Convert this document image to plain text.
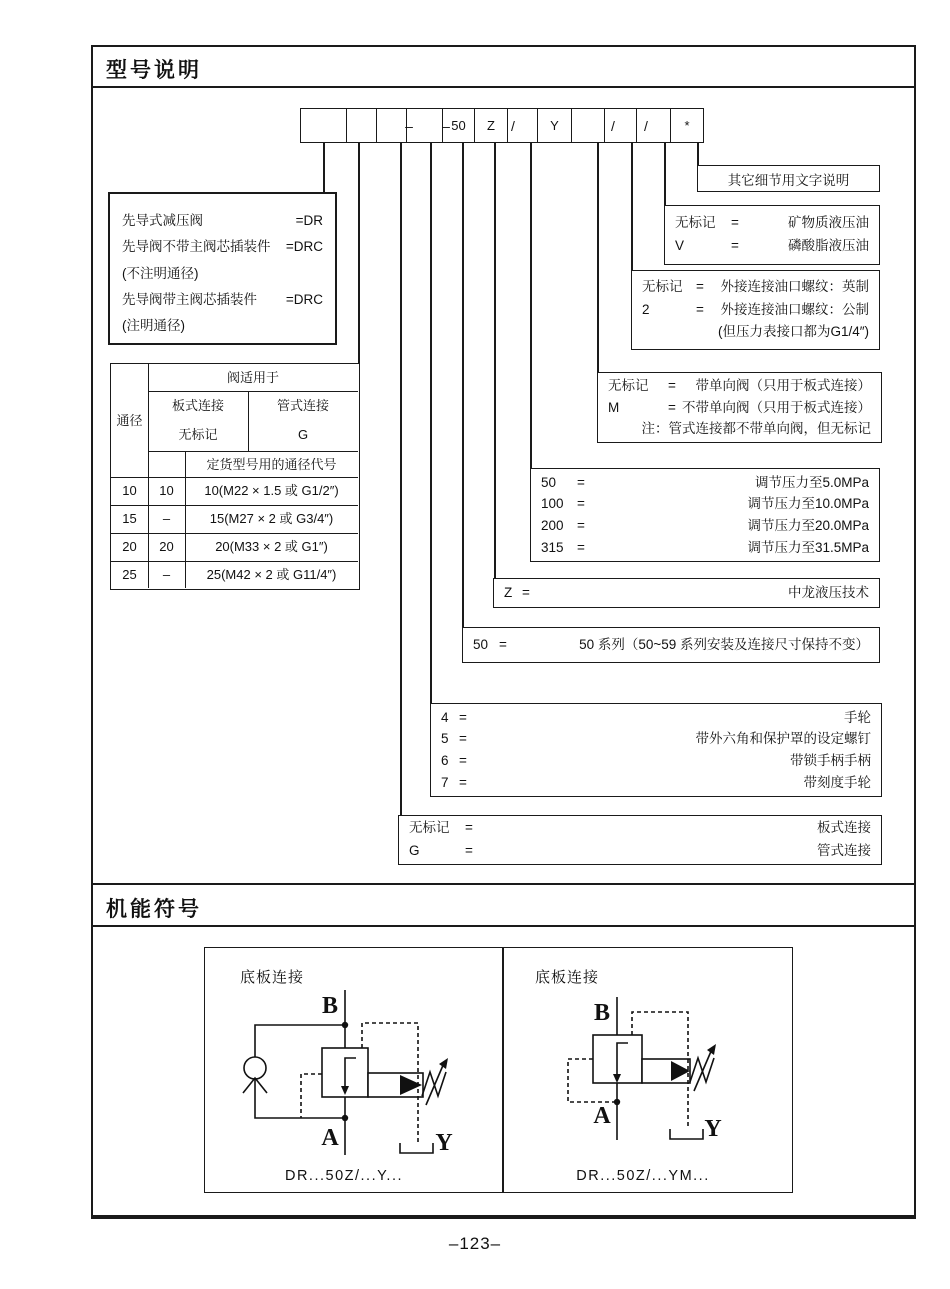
型号说明
50	Z	Y	*
– –	/	/ /
先导式减压阀	=DR
先导阀不带主阀芯插装件 =DRC
(不注明通径)
先导阀带主阀芯插装件 =DRC
(注明通径)
通径
阀适用于
板式连接	管式连接
无标记	G
定货型号用的通径代号
10	10	10(M22 × 1.5 或 G1/2″)
15	–	15(M27 × 2 或 G3/4″)
20	20	20(M33 × 2 或 G1″)
25	–	25(M42 × 2 或 G11/4″)
其它细节用文字说明
无标记	=	矿物质液压油
V	=	磷酸脂液压油
无标记	= 外接连接油口螺纹：英制
2	= 外接连接油口螺纹：公制
(但压力表接口都为G1/4″)
无标记	= 带单向阀（只用于板式连接）
M	= 不带单向阀（只用于板式连接）
注：管式连接都不带单向阀，但无标记
50	=	调节压力至5.0MPa
100 =	调节压力至10.0MPa
200 =	调节压力至20.0MPa
315 =	调节压力至31.5MPa
Z =	中龙液压技术
50 =	50 系列（50~59 系列安装及连接尺寸保持不变）
4 =	手轮
5 =	带外六角和保护罩的设定螺钉
6 =	带锁手柄手柄
7 =	带刻度手轮
无标记	=	板式连接
G	=	管式连接
机能符号
底板连接	底板连接
B
A	Y
DR...50Z/...Y...
B
A	Y
DR...50Z/...YM...
–123–
